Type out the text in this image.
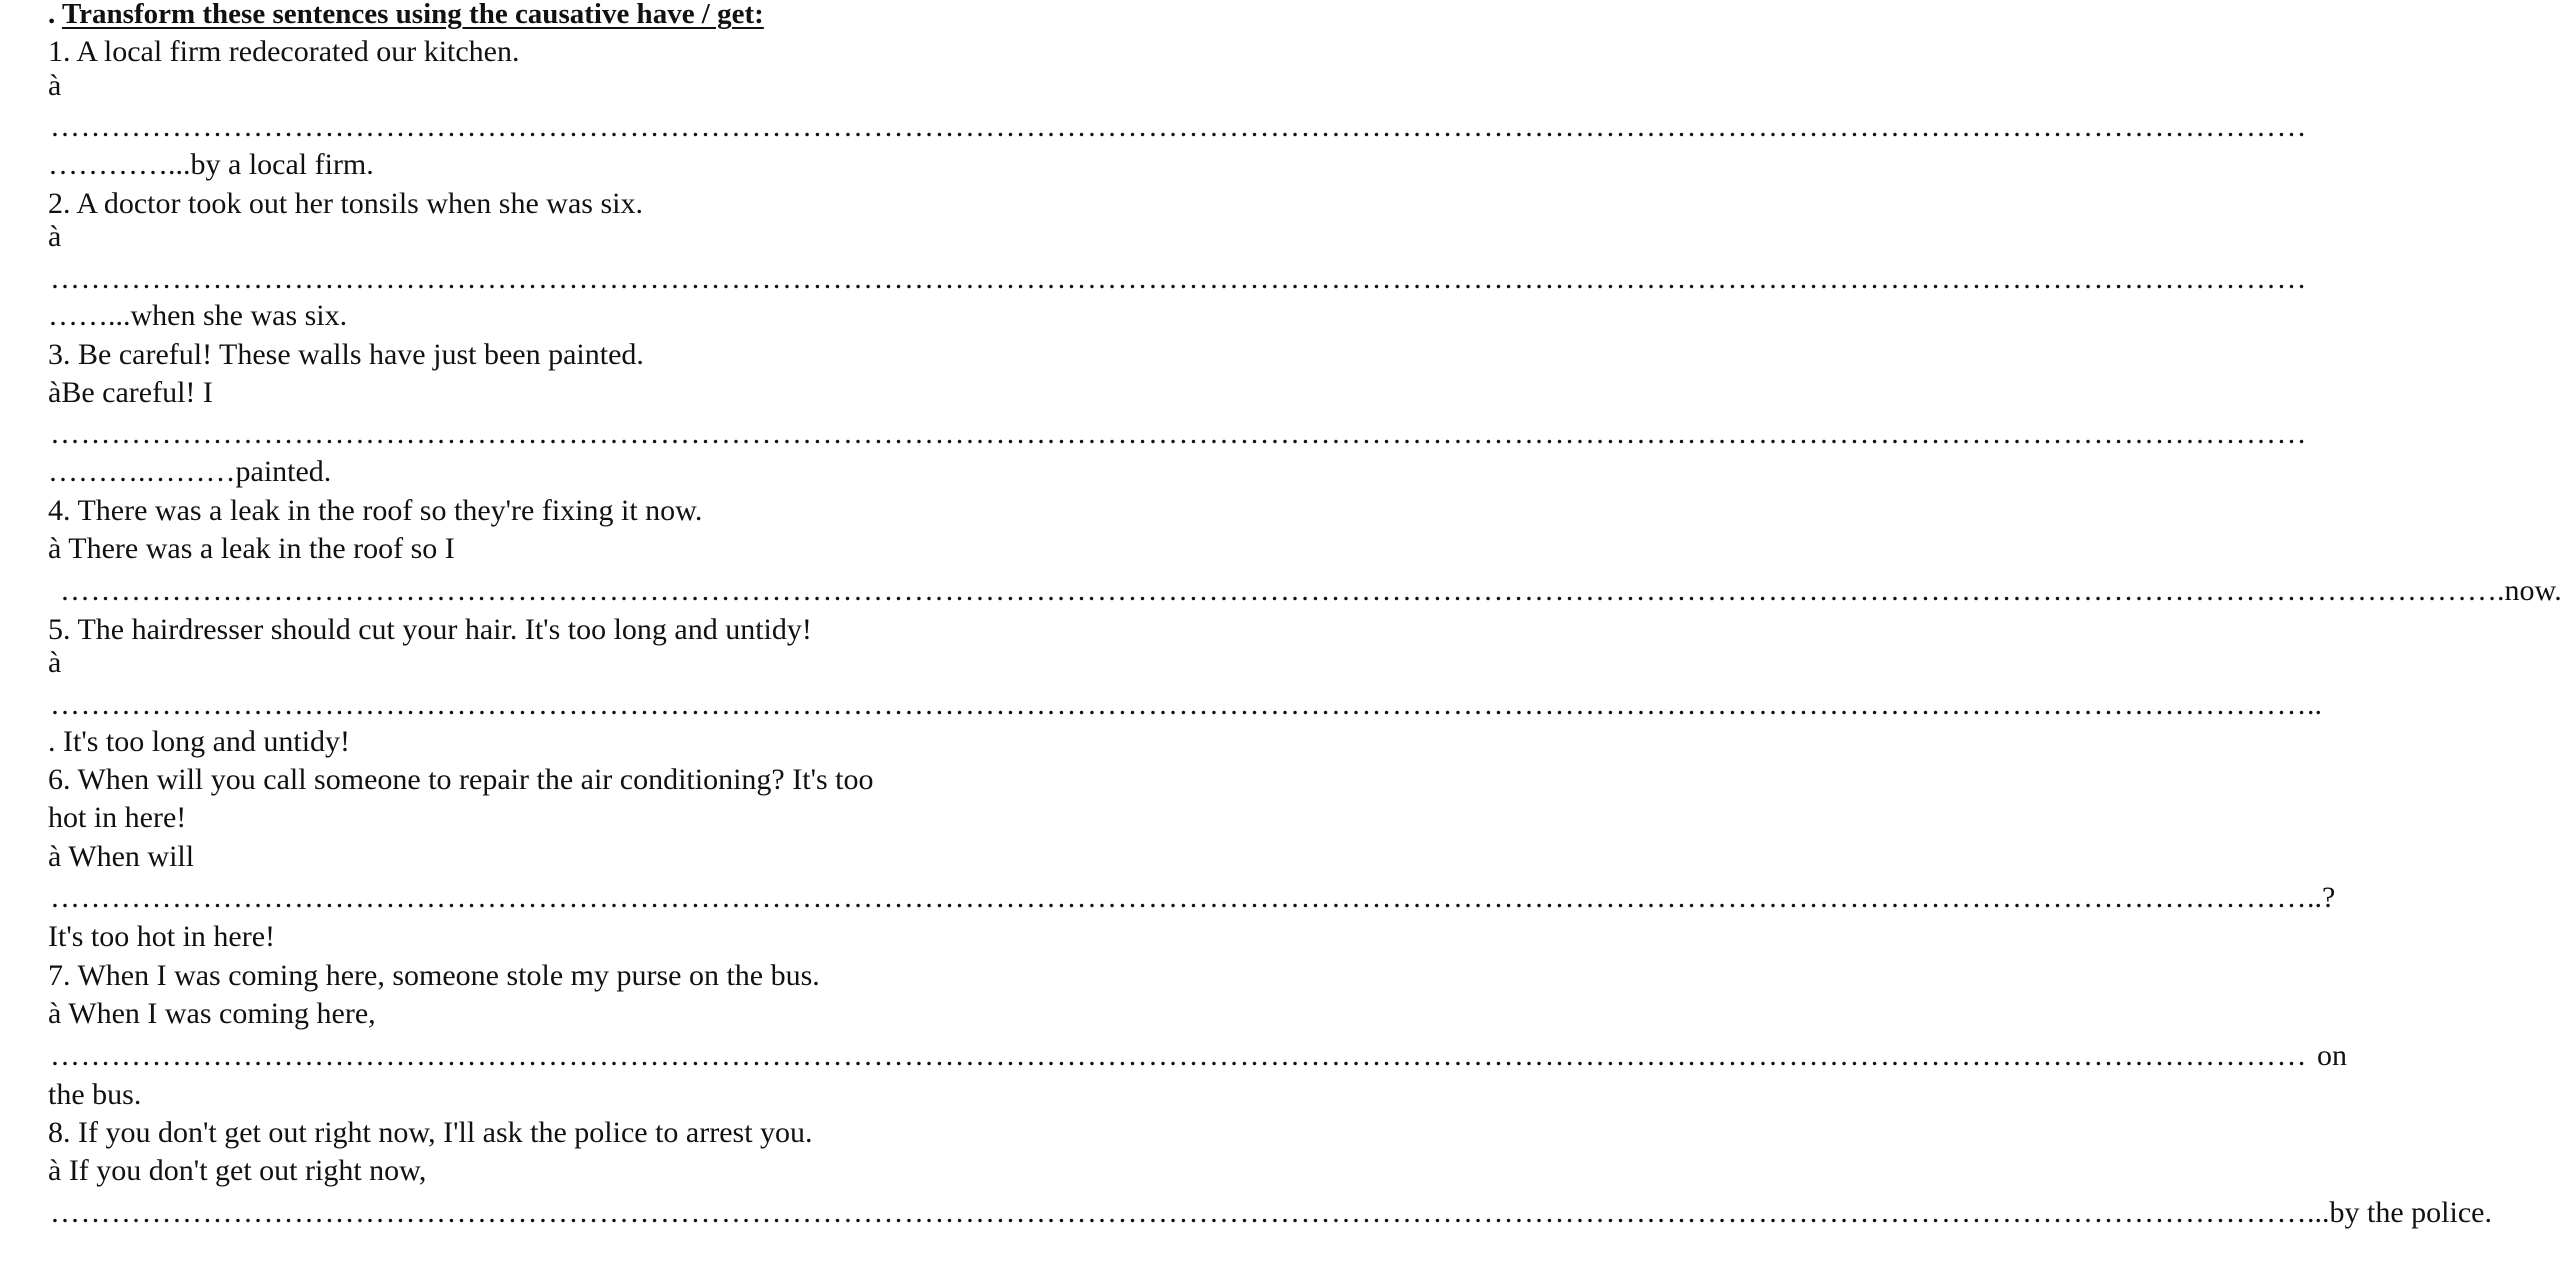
. Transform these sentences using the causative have / get:
1. A local firm redecorated our kitchen.
à
……………………………………………………………………………………………………………………………………………………………………………………………………
…………...by a local firm.
2. A doctor took out her tonsils when she was six.
à
……………………………………………………………………………………………………………………………………………………………………………………………………
……...when she was six.
3. Be careful! These walls have just been painted.
àBe careful! I
……………………………………………………………………………………………………………………………………………………………………………………………………
……….………painted.
4. There was a leak in the roof so they're fixing it now.
à There was a leak in the roof so I
…………………………………………………………………………………………………………………………………………………………………………………………………… ……………….now.
5. The hairdresser should cut your hair. It's too long and untidy!
à
…………………………………………………………………………………………………………………………………………………………………………………………………… ..
. It's too long and untidy!
6. When will you call someone to repair the air conditioning? It's too
hot in here!
à When will
…………………………………………………………………………………………………………………………………………………………………………………………………… ..?
It's too hot in here!
7. When I was coming here, someone stole my purse on the bus.
à When I was coming here,
…………………………………………………………………………………………………………………………………………………………………………………………………… on
the bus.
8. If you don't get out right now, I'll ask the police to arrest you.
à If you don't get out right now,
…………………………………………………………………………………………………………………………………………………………………………………………………… ...by the police.
